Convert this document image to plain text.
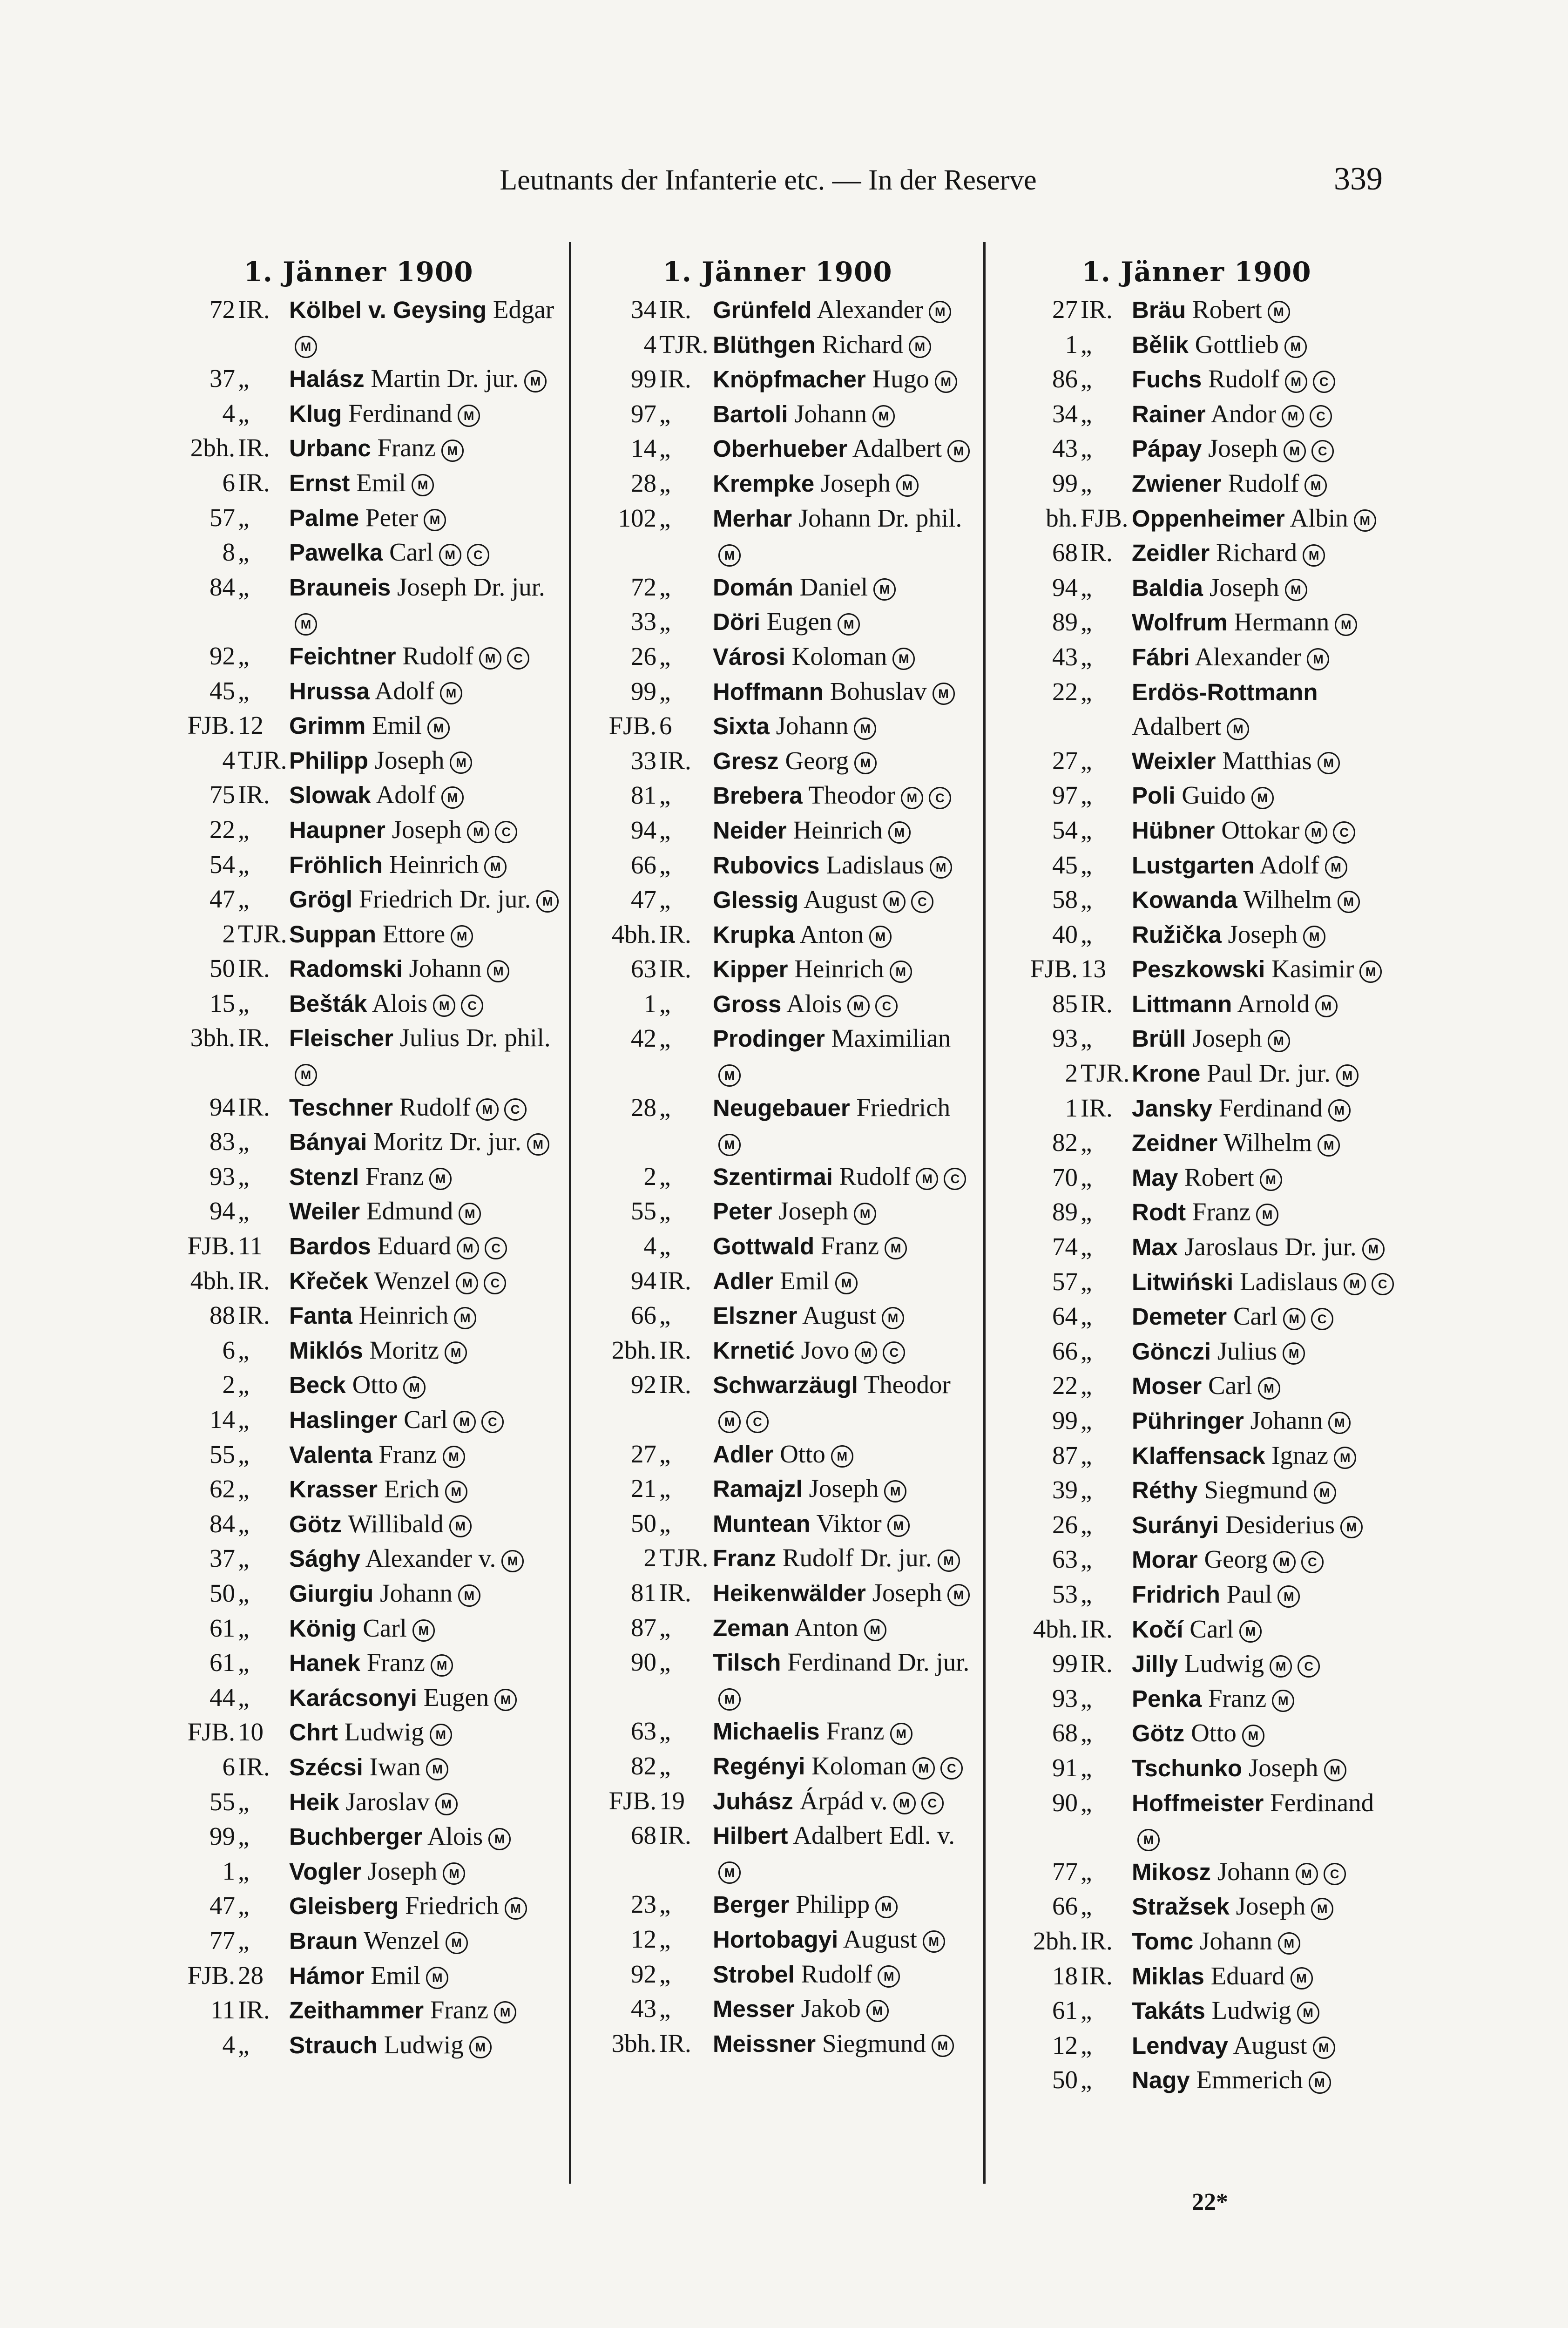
Leutnants der Infanterie etc. — In der Reserve	339
1. Jänner 1900
72 IR. Kölbel v. Geysing EdgarM
37 „	Halász Martin Dr. jur. M
4 „	Klug Ferdinand M
2bh. IR. Urbanc Franz M
6 IR. Ernst Emil M
57 „	Palme Peter M
8 „	Pawelka Carl M C
84 „	Brauneis Joseph Dr. jur.M
92 „	Feichtner Rudolf M C
45 „	Hrussa Adolf M
FJB. 12	Grimm Emil M
4 TJR. Philipp Joseph M
75 IR. Slowak Adolf M
22 „	Haupner Joseph M C
54 „	Fröhlich Heinrich M
47 „	Grögl Friedrich Dr. jur. M
2 TJR. Suppan Ettore M
50 IR. Radomski Johann M
15 „	Bešták Alois M C
3bh. IR. Fleischer Julius Dr. phil.M
94 IR. Teschner Rudolf M C
83 „	Bányai Moritz Dr. jur. M
93 „	Stenzl Franz M
94 „	Weiler Edmund M
FJB. 11	Bardos Eduard M C
4bh. IR. Křeček Wenzel M C
88 IR. Fanta Heinrich M
6 „	Miklós Moritz M
2 „	Beck Otto M
14 „	Haslinger Carl M C
55 „	Valenta Franz M
62 „	Krasser Erich M
84 „	Götz Willibald M
37 „	Sághy Alexander v. M
50 „	Giurgiu Johann M
61 „	König Carl M
61 „	Hanek Franz M
44 „	Karácsonyi Eugen M
FJB. 10	Chrt Ludwig M
6 IR. Szécsi Iwan M
55 „	Heik Jaroslav M
99 „	Buchberger Alois M
1 „	Vogler Joseph M
47 „	Gleisberg Friedrich M
77 „	Braun Wenzel M
FJB. 28	Hámor Emil M
11 IR. Zeithammer Franz M
4 „	Strauch Ludwig M
1. Jänner 1900
34 IR. Grünfeld Alexander M
4 TJR. Blüthgen Richard M
99 IR. Knöpfmacher Hugo M
97 „	Bartoli Johann M
14 „	Oberhueber Adalbert M
28 „	Krempke Joseph M
102 „	Merhar Johann Dr. phil.M
72 „	Domán Daniel M
33 „	Döri Eugen M
26 „	Városi Koloman M
99 „	Hoffmann Bohuslav M
FJB. 6	Sixta Johann M
33 IR. Gresz Georg M
81 „	Brebera Theodor M C
94 „	Neider Heinrich M
66 „	Rubovics Ladislaus M
47 „	Glessig August M C
4bh. IR. Krupka Anton M
63 IR. Kipper Heinrich M
1 „	Gross Alois M C
42 „	Prodinger MaximilianM
28 „	Neugebauer FriedrichM
2 „	Szentirmai Rudolf M C
55 „	Peter Joseph M
4 „	Gottwald Franz M
94 IR. Adler Emil M
66 „	Elszner August M
2bh. IR. Krnetić Jovo M C
92 IR. Schwarzäugl TheodorM C
27 „	Adler Otto M
21 „	Ramajzl Joseph M
50 „	Muntean Viktor M
2 TJR. Franz Rudolf Dr. jur. M
81 IR. Heikenwälder Joseph M
87 „	Zeman Anton M
90 „	Tilsch Ferdinand Dr. jur.M
63 „	Michaelis Franz M
82 „	Regényi Koloman M C
FJB. 19	Juhász Árpád v. M C
68 IR. Hilbert Adalbert Edl. v.M
23 „	Berger Philipp M
12 „	Hortobagyi August M
92 „	Strobel Rudolf M
43 „	Messer Jakob M
3bh. IR. Meissner Siegmund M
1. Jänner 1900
27 IR. Bräu Robert M
1 „	Bělik Gottlieb M
86 „	Fuchs Rudolf M C
34 „	Rainer Andor M C
43 „	Pápay Joseph M C
99 „	Zwiener Rudolf M
bh. FJB. Oppenheimer Albin M
68 IR. Zeidler Richard M
94 „	Baldia Joseph M
89 „	Wolfrum Hermann M
43 „	Fábri Alexander M
22 „	Erdös-Rottmann Adalbert M
27 „	Weixler Matthias M
97 „	Poli Guido M
54 „	Hübner Ottokar M C
45 „	Lustgarten Adolf M
58 „	Kowanda Wilhelm M
40 „	Ružička Joseph M
FJB. 13	Peszkowski Kasimir M
85 IR. Littmann Arnold M
93 „	Brüll Joseph M
2 TJR. Krone Paul Dr. jur. M
1 IR. Jansky Ferdinand M
82 „	Zeidner Wilhelm M
70 „	May Robert M
89 „	Rodt Franz M
74 „	Max Jaroslaus Dr. jur. M
57 „	Litwiński Ladislaus M C
64 „	Demeter Carl M C
66 „	Gönczi Julius M
22 „	Moser Carl M
99 „	Pühringer Johann M
87 „	Klaffensack Ignaz M
39 „	Réthy Siegmund M
26 „	Surányi Desiderius M
63 „	Morar Georg M C
53 „	Fridrich Paul M
4bh. IR. Kočí Carl M
99 IR. Jilly Ludwig M C
93 „	Penka Franz M
68 „	Götz Otto M
91 „	Tschunko Joseph M
90 „	Hoffmeister FerdinandM
77 „	Mikosz Johann M C
66 „	Stražsek Joseph M
2bh. IR. Tomc Johann M
18 IR. Miklas Eduard M
61 „	Takáts Ludwig M
12 „	Lendvay August M
50 „	Nagy Emmerich M
22*
